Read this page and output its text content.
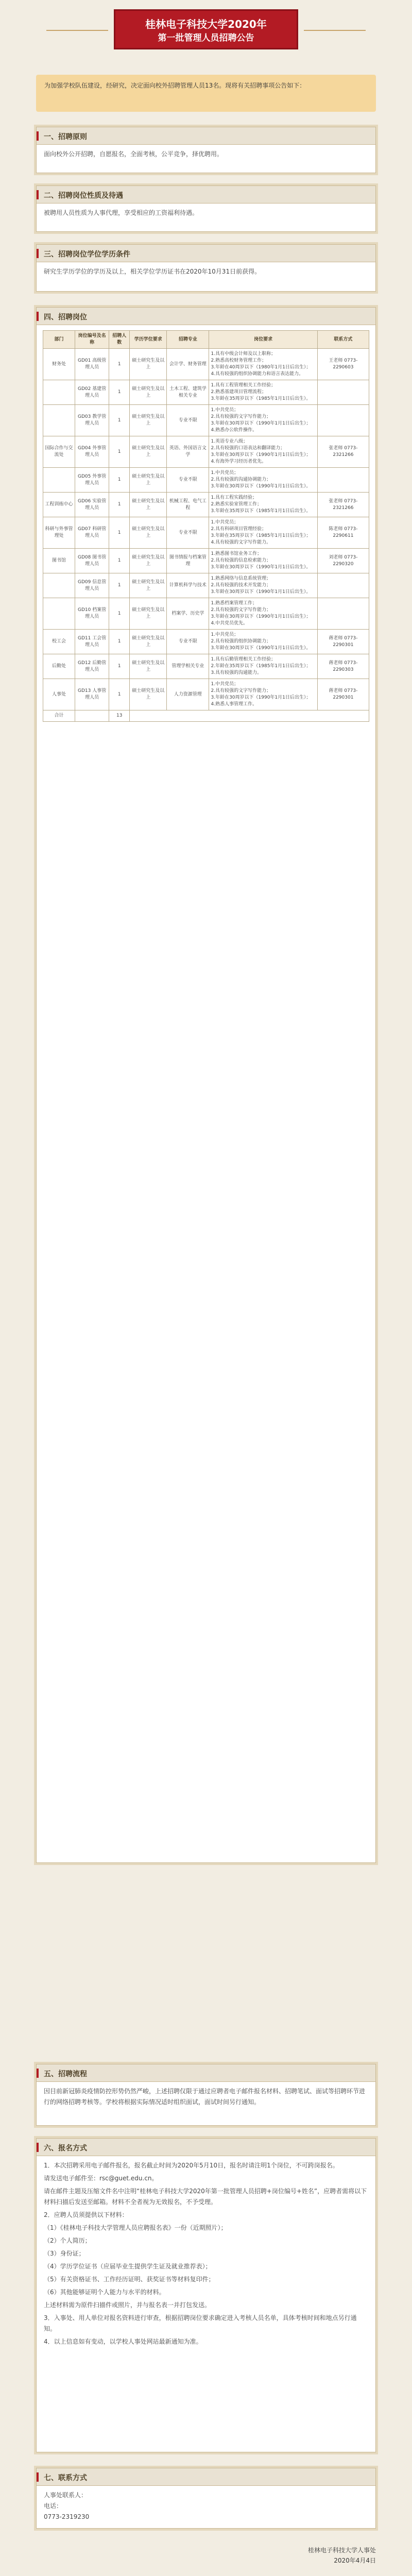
桂林电子科技大学2020年
第一批管理人员招聘公告
为加强学校队伍建设，经研究，决定面向校外招聘管理人员13名。现将有关招聘事项公告如下：
一、招聘原则
面向校外公开招聘，自愿报名，全面考核，公平竞争，择优聘用。
二、招聘岗位性质及待遇
被聘用人员性质为人事代理，享受相应的工资福利待遇。
三、招聘岗位学位学历条件
研究生学历学位的学历及以上，相关学位学历证书在2020年10月31日前获得。
四、招聘岗位
部门	岗位编号及名称	招聘人数	学历学位要求	招聘专业	岗位要求	联系方式
财务处	GD01 高级管理人员	1	硕士研究生及以上	会计学、财务管理	1.具有中级会计师及以上职称；
2.熟悉高校财务管理工作；
3.年龄在40周岁以下（1980年1月1日后出生）；
4.具有较强的组织协调能力和语言表达能力。	王老师 0773-2290603
	GD02 基建管理人员	1	硕士研究生及以上	土木工程、建筑学相关专业	1.具有工程管理相关工作经验；
2.熟悉基建项目管理流程；
3.年龄在35周岁以下（1985年1月1日后出生）。	

	GD03 教学管理人员	1	硕士研究生及以上	专业不限	1.中共党员；
2.具有较强的文字写作能力；
3.年龄在30周岁以下（1990年1月1日后出生）；
4.熟悉办公软件操作。	

国际合作与交流处	GD04 外事管理人员	1	硕士研究生及以上	英语、外国语言文学	1.英语专业八级；
2.具有较强的口语表达和翻译能力；
3.年龄在30周岁以下（1990年1月1日后出生）；
4.有海外学习经历者优先。	张老师 0773-2321266
	GD05 外事管理人员	1	硕士研究生及以上	专业不限	1.中共党员；
2.具有较强的沟通协调能力；
3.年龄在30周岁以下（1990年1月1日后出生）。	

工程训练中心	GD06 实验管理人员	1	硕士研究生及以上	机械工程、电气工程	1.具有工程实践经验；
2.熟悉实验室管理工作；
3.年龄在35周岁以下（1985年1月1日后出生）。	张老师 0773-2321266
科研与外事管理处	GD07 科研管理人员	1	硕士研究生及以上	专业不限	1.中共党员；
2.具有科研项目管理经验；
3.年龄在35周岁以下（1985年1月1日后出生）；
4.具有较强的文字写作能力。	陈老师 0773-2290611
图书馆	GD08 图书管理人员	1	硕士研究生及以上	图书情报与档案管理	1.熟悉图书馆业务工作；
2.具有较强的信息检索能力；
3.年龄在30周岁以下（1990年1月1日后出生）。	刘老师 0773-2290320
	GD09 信息管理人员	1	硕士研究生及以上	计算机科学与技术	1.熟悉网络与信息系统管理；
2.具有较强的技术开发能力；
3.年龄在30周岁以下（1990年1月1日后出生）。	

	GD10 档案管理人员	1	硕士研究生及以上	档案学、历史学	1.熟悉档案管理工作；
2.具有较强的文字写作能力；
3.年龄在30周岁以下（1990年1月1日后出生）；
4.中共党员优先。	

校工会	GD11 工会管理人员	1	硕士研究生及以上	专业不限	1.中共党员；
2.具有较强的组织协调能力；
3.年龄在30周岁以下（1990年1月1日后出生）。	蒋老师 0773-2290301
后勤处	GD12 后勤管理人员	1	硕士研究生及以上	管理学相关专业	1.具有后勤管理相关工作经验；
2.年龄在35周岁以下（1985年1月1日后出生）；
3.具有较强的沟通能力。	蒋老师 0773-2290303
人事处	GD13 人事管理人员	1	硕士研究生及以上	人力资源管理	1.中共党员；
2.具有较强的文字写作能力；
3.年龄在30周岁以下（1990年1月1日后出生）；
4.熟悉人事管理工作。	蒋老师 0773-2290301
合计		13				
五、招聘流程
因目前新冠肺炎疫情防控形势仍然严峻，上述招聘仅限于通过应聘者电子邮件报名材料、招聘笔试、面试等招聘环节进行的网络招聘考核等。学校将根据实际情况适时组织面试，面试时间另行通知。
六、报名方式

1．本次招聘采用电子邮件报名，报名截止时间为2020年5月10日，报名时请注明1个岗位，不可跨岗报名。

请发送电子邮件至：rsc@guet.edu.cn。

请在邮件主题及压缩文件名中注明“桂林电子科技大学2020年第一批管理人员招聘+岗位编号+姓名”，应聘者需将以下材料扫描后发送至邮箱。材料不全者视为无效报名，不予受理。

2．应聘人员须提供以下材料：

（1）《桂林电子科技大学管理人员应聘报名表》一份（近期照片）；

（2）个人简历；

（3）身份证；

（4）学历学位证书（应届毕业生提供学生证及就业推荐表）；

（5）有关资格证书、工作经历证明、获奖证书等材料复印件；

（6）其他能够证明个人能力与水平的材料。

上述材料需为原件扫描件或照片，并与报名表一并打包发送。

3．入事处、用人单位对报名资料进行审查，根据招聘岗位要求确定进入考核人员名单，具体考核时间和地点另行通知。

4．以上信息如有变动，以学校人事处网站最新通知为准。

七、联系方式
人事处联系人：
电话：
0773-2319230
桂林电子科技大学人事处
2020年4月4日
